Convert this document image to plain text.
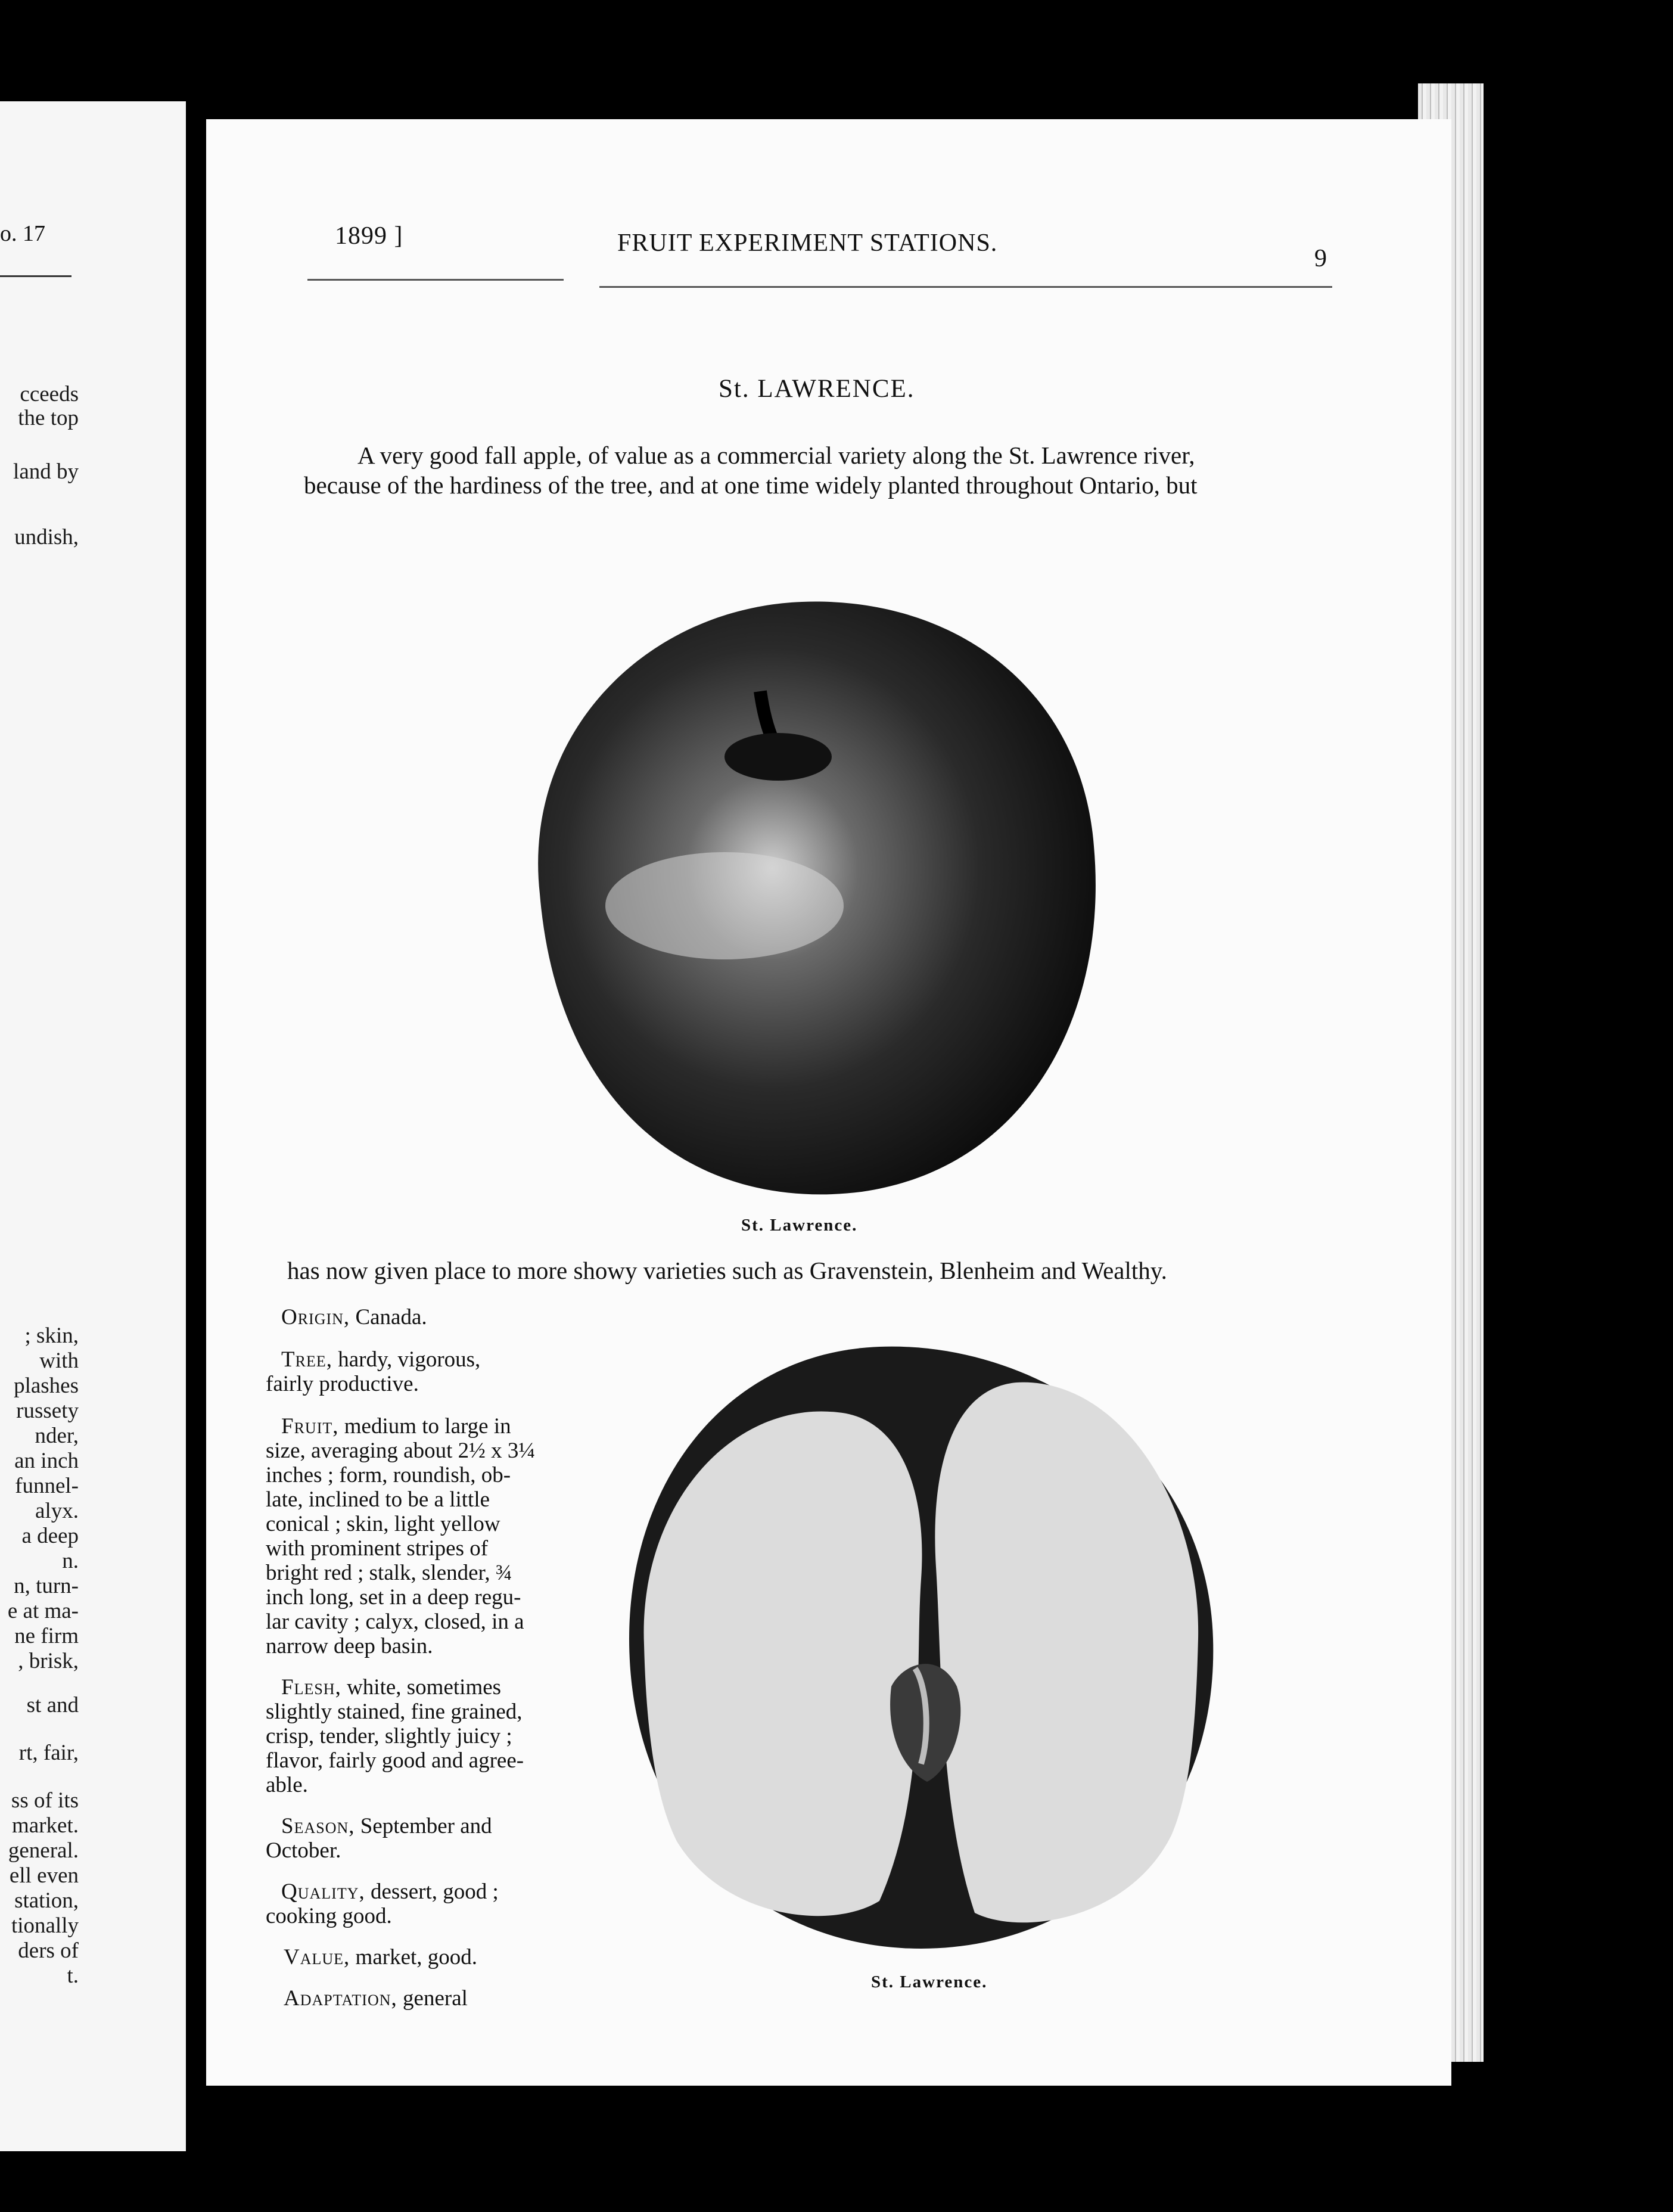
o. 17
cceeds
the top
land by
undish,
; skin,
with
plashes
russety
nder,
an inch
funnel-
alyx.
a deep
n.
n, turn-
e at ma-
ne firm
, brisk,
st and
rt, fair,
ss of its
market.
general.
ell even
station,
tionally
ders of
t.
1899 ]	FRUIT EXPERIMENT STATIONS.
9
St. LAWRENCE.
A very good fall apple, of value as a commercial variety along the St. Lawrence river,
because of the hardiness of the tree, and at one time widely planted throughout Ontario, but
St. Lawrence.
has now given place to more showy varieties such as Gravenstein, Blenheim and Wealthy.
Origin, Canada.
Tree, hardy, vigorous,
fairly productive.
Fruit, medium to large in
size, averaging about 2½ x 3¼
inches ; form, roundish, ob-
late, inclined to be a little
conical ; skin, light yellow
with prominent stripes of
bright red ; stalk, slender, ¾
inch long, set in a deep regu-
lar cavity ; calyx, closed, in a
narrow deep basin.
Flesh, white, sometimes
slightly stained, fine grained,
crisp, tender, slightly juicy ;
flavor, fairly good and agree-
able.
Season, September and
October.
Quality, dessert, good ;
cooking good.
Value, market, good.
Adaptation, general
St. Lawrence.
